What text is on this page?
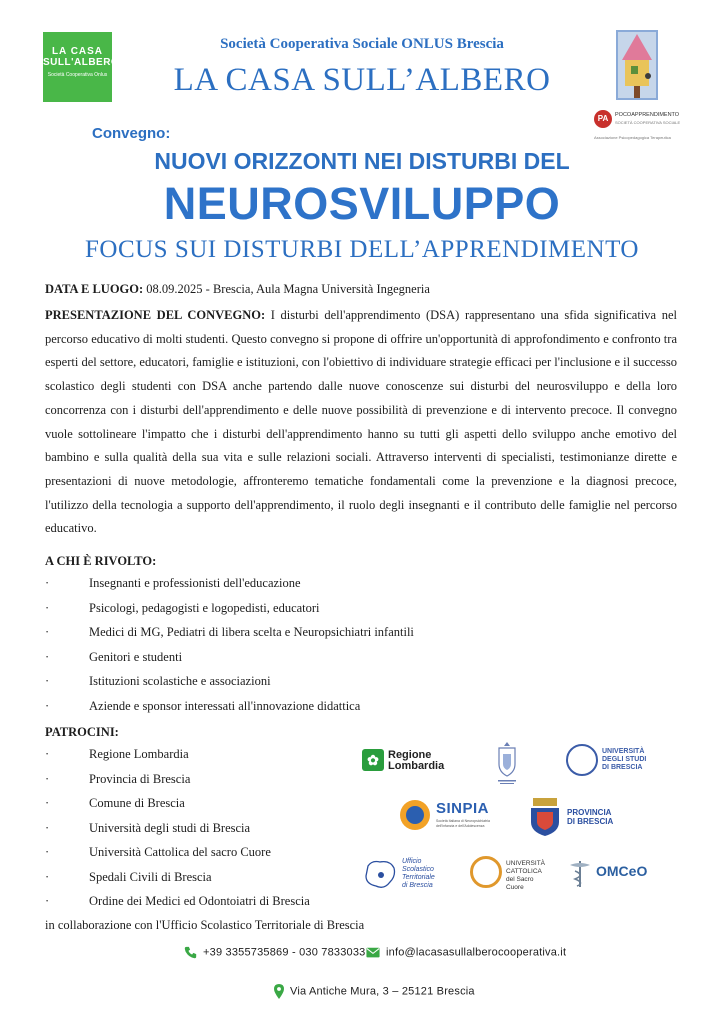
LA CASA
SULL'ALBERO
Società Cooperativa Onlus
Società Cooperativa Sociale ONLUS Brescia
LA CASA SULL’ALBERO
PA	POCOAPPRENDIMENTO
SOCIETÀ COOPERATIVA SOCIALE
Associazione Psicopedagogica Terapeutica
Convegno:
NUOVI ORIZZONTI NEI DISTURBI DEL
NEUROSVILUPPO
FOCUS SUI DISTURBI DELL’APPRENDIMENTO
DATA E LUOGO: 08.09.2025 - Brescia, Aula Magna Università Ingegneria

PRESENTAZIONE DEL CONVEGNO: I disturbi dell'apprendimento (DSA) rappresentano una sfida significativa nel percorso educativo di molti studenti. Questo convegno si propone di offrire un'opportunità di approfondimento e confronto tra esperti del settore, educatori, famiglie e istituzioni, con l'obiettivo di individuare strategie efficaci per l'inclusione e il successo scolastico degli studenti con DSA anche partendo dalle nuove conoscenze sui disturbi del neurosviluppo e della loro concorrenza con i disturbi dell'apprendimento e delle nuove possibilità di prevenzione e di intervento precoce. Il convegno vuole sottolineare l'impatto che i disturbi dell'apprendimento hanno su tutti gli aspetti dello sviluppo anche emotivo del bambino e sulla qualità della sua vita e sulle relazioni sociali. Attraverso interventi di specialisti, testimonianze dirette e presentazioni di nuove metodologie, affronteremo tematiche fondamentali come la prevenzione e la diagnosi precoce, l'utilizzo della tecnologia a supporto dell'apprendimento, il ruolo degli insegnanti e il contributo delle famiglie nel percorso educativo.

A CHI È RIVOLTO:
·	Insegnanti e professionisti dell'educazione
·	Psicologi, pedagogisti e logopedisti, educatori
·	Medici di MG, Pediatri di libera scelta e Neuropsichiatri infantili
·	Genitori e studenti
·	Istituzioni scolastiche e associazioni
·	Aziende e sponsor interessati all'innovazione didattica
PATROCINI:
·	Regione Lombardia
·	Provincia di Brescia
·	Comune di Brescia
·	Università degli studi di Brescia
·	Università Cattolica del sacro Cuore
·	Spedali Civili di Brescia
·	Ordine dei Medici ed Odontoiatri di Brescia
in collaborazione con l'Ufficio Scolastico Territoriale di Brescia
✿ Regione
Lombardia
UNIVERSITÀ
DEGLI STUDI
DI BRESCIA
SINPIA
Società Italiana di Neuropsichiatria dell'Infanzia e dell'Adolescenza
PROVINCIA
DI BRESCIA
Ufficio
Scolastico
Territoriale
di Brescia
UNIVERSITÀ
CATTOLICA
del Sacro Cuore
OMCeO
+39 3355735869 - 030 7833033	info@lacasasullalberocooperativa.it
Via Antiche Mura, 3 – 25121 Brescia
